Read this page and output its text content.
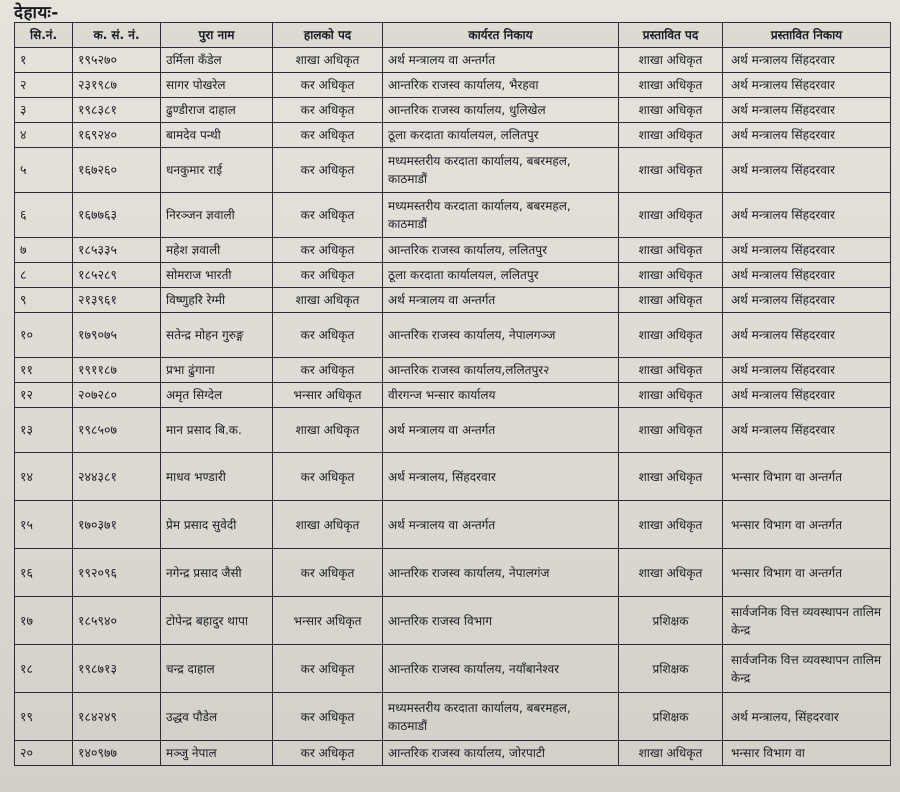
देहायः-
सि.नं.	क. सं. नं.	पुरा नाम	हालको पद	कार्यरत निकाय	प्रस्तावित पद	प्रस्तावित निकाय
१	१९५२७०	उर्मिला कँडेल	शाखा अधिकृत	अर्थ मन्त्रालय वा अन्तर्गत	शाखा अधिकृत	अर्थ मन्त्रालय सिंहदरवार
२	२३१९८७	सागर पोखरेल	कर अधिकृत	आन्तरिक राजस्व कार्यालय, भैरहवा	शाखा अधिकृत	अर्थ मन्त्रालय सिंहदरवार
३	१९८३८१	ढुण्डीराज दाहाल	कर अधिकृत	आन्तरिक राजस्व कार्यालय, धुलिखेल	शाखा अधिकृत	अर्थ मन्त्रालय सिंहदरवार
४	१६९२४०	बामदेव पन्थी	कर अधिकृत	ठूला करदाता कार्यालयल, ललितपुर	शाखा अधिकृत	अर्थ मन्त्रालय सिंहदरवार
५	१६७२६०	धनकुमार राई	कर अधिकृत	मध्यमस्तरीय करदाता कार्यालय, बबरमहल, काठमाडौं	शाखा अधिकृत	अर्थ मन्त्रालय सिंहदरवार
६	१६७७६३	निरञ्जन ज्ञवाली	कर अधिकृत	मध्यमस्तरीय करदाता कार्यालय, बबरमहल, काठमाडौं	शाखा अधिकृत	अर्थ मन्त्रालय सिंहदरवार
७	१८५३३५	महेश ज्ञवाली	कर अधिकृत	आन्तरिक राजस्व कार्यालय, ललितपुर	शाखा अधिकृत	अर्थ मन्त्रालय सिंहदरवार
८	१८५२८९	सोमराज भारती	कर अधिकृत	ठूला करदाता कार्यालयल, ललितपुर	शाखा अधिकृत	अर्थ मन्त्रालय सिंहदरवार
९	२१३९६१	विष्णुहरि रेग्मी	शाखा अधिकृत	अर्थ मन्त्रालय वा अन्तर्गत	शाखा अधिकृत	अर्थ मन्त्रालय सिंहदरवार
१०	१७९०७५	सतेन्द्र मोहन गुरुङ्ग	कर अधिकृत	आन्तरिक राजस्व कार्यालय, नेपालगञ्ज	शाखा अधिकृत	अर्थ मन्त्रालय सिंहदरवार
११	१९११८७	प्रभा ढुंगाना	कर अधिकृत	आन्तरिक राजस्व कार्यालय,ललितपुर२	शाखा अधिकृत	अर्थ मन्त्रालय सिंहदरवार
१२	२०७२८०	अमृत सिग्देल	भन्सार अधिकृत	वीरगन्ज भन्सार कार्यालय	शाखा अधिकृत	अर्थ मन्त्रालय सिंहदरवार
१३	१९८५०७	मान प्रसाद बि.क.	शाखा अधिकृत	अर्थ मन्त्रालय वा अन्तर्गत	शाखा अधिकृत	अर्थ मन्त्रालय सिंहदरवार
१४	२४४३८१	माधव भण्डारी	कर अधिकृत	अर्थ मन्त्रालय, सिंहदरवार	शाखा अधिकृत	भन्सार विभाग वा अन्तर्गत
१५	१७०३७१	प्रेम प्रसाद सुवेदी	शाखा अधिकृत	अर्थ मन्त्रालय वा अन्तर्गत	शाखा अधिकृत	भन्सार विभाग वा अन्तर्गत
१६	१९२०९६	नगेन्द्र प्रसाद जैसी	कर अधिकृत	आन्तरिक राजस्व कार्यालय, नेपालगंज	शाखा अधिकृत	भन्सार विभाग वा अन्तर्गत
१७	१८५९४०	टोपेन्द्र बहादुर थापा	भन्सार अधिकृत	आन्तरिक राजस्व विभाग	प्रशिक्षक	सार्वजनिक वित्त व्यवस्थापन तालिम केन्द्र
१८	१९८७१३	चन्द्र दाहाल	कर अधिकृत	आन्तरिक राजस्व कार्यालय, नयाँबानेश्वर	प्रशिक्षक	सार्वजनिक वित्त व्यवस्थापन तालिम केन्द्र
१९	१८४२४९	उद्धव पौडेल	कर अधिकृत	मध्यमस्तरीय करदाता कार्यालय, बबरमहल, काठमाडौं	प्रशिक्षक	अर्थ मन्त्रालय, सिंहदरवार
२०	१४०९७७	मञ्जु नेपाल	कर अधिकृत	आन्तरिक राजस्व कार्यालय, जोरपाटी	शाखा अधिकृत	भन्सार विभाग वा
